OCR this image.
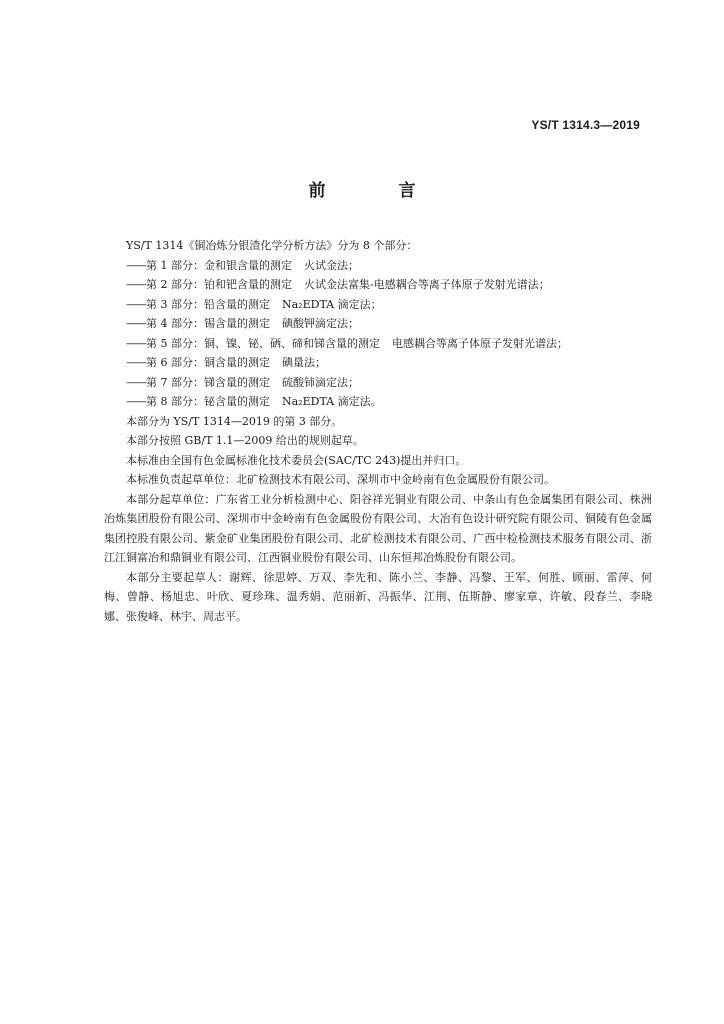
YS/T 1314.3—2019
前　言

YS/T 1314《铜冶炼分银渣化学分析方法》分为 8 个部分：

——第 1 部分：金和银含量的测定 火试金法；

——第 2 部分：铂和钯含量的测定 火试金法富集-电感耦合等离子体原子发射光谱法；

——第 3 部分：铅含量的测定 Na₂EDTA 滴定法；

——第 4 部分：锡含量的测定 碘酸钾滴定法；

——第 5 部分：铜、镍、铋、硒、碲和锑含量的测定 电感耦合等离子体原子发射光谱法；

——第 6 部分：铜含量的测定 碘量法；

——第 7 部分：锑含量的测定 硫酸铈滴定法；

——第 8 部分：铋含量的测定 Na₂EDTA 滴定法。

本部分为 YS/T 1314—2019 的第 3 部分。

本部分按照 GB/T 1.1—2009 给出的规则起草。

本标准由全国有色金属标准化技术委员会(SAC/TC 243)提出并归口。

本标准负责起草单位：北矿检测技术有限公司、深圳市中金岭南有色金属股份有限公司。

本部分起草单位：广东省工业分析检测中心、阳谷祥光铜业有限公司、中条山有色金属集团有限公司、株洲冶炼集团股份有限公司、深圳市中金岭南有色金属股份有限公司、大冶有色设计研究院有限公司、铜陵有色金属集团控股有限公司、紫金矿业集团股份有限公司、北矿检测技术有限公司、广西中检检测技术服务有限公司、浙江江铜富冶和鼎铜业有限公司、江西铜业股份有限公司、山东恒邦冶炼股份有限公司。

本部分主要起草人：谢辉、徐思婷、万双、李先和、陈小兰、李静、冯黎、王军、何胜、顾丽、雷萍、何梅、曾静、杨旭忠、叶欣、夏珍珠、温秀娟、范丽新、冯振华、江荆、伍斯静、廖家章、许敏、段春兰、李晓娜、张俊峰、林宇、周志平。
